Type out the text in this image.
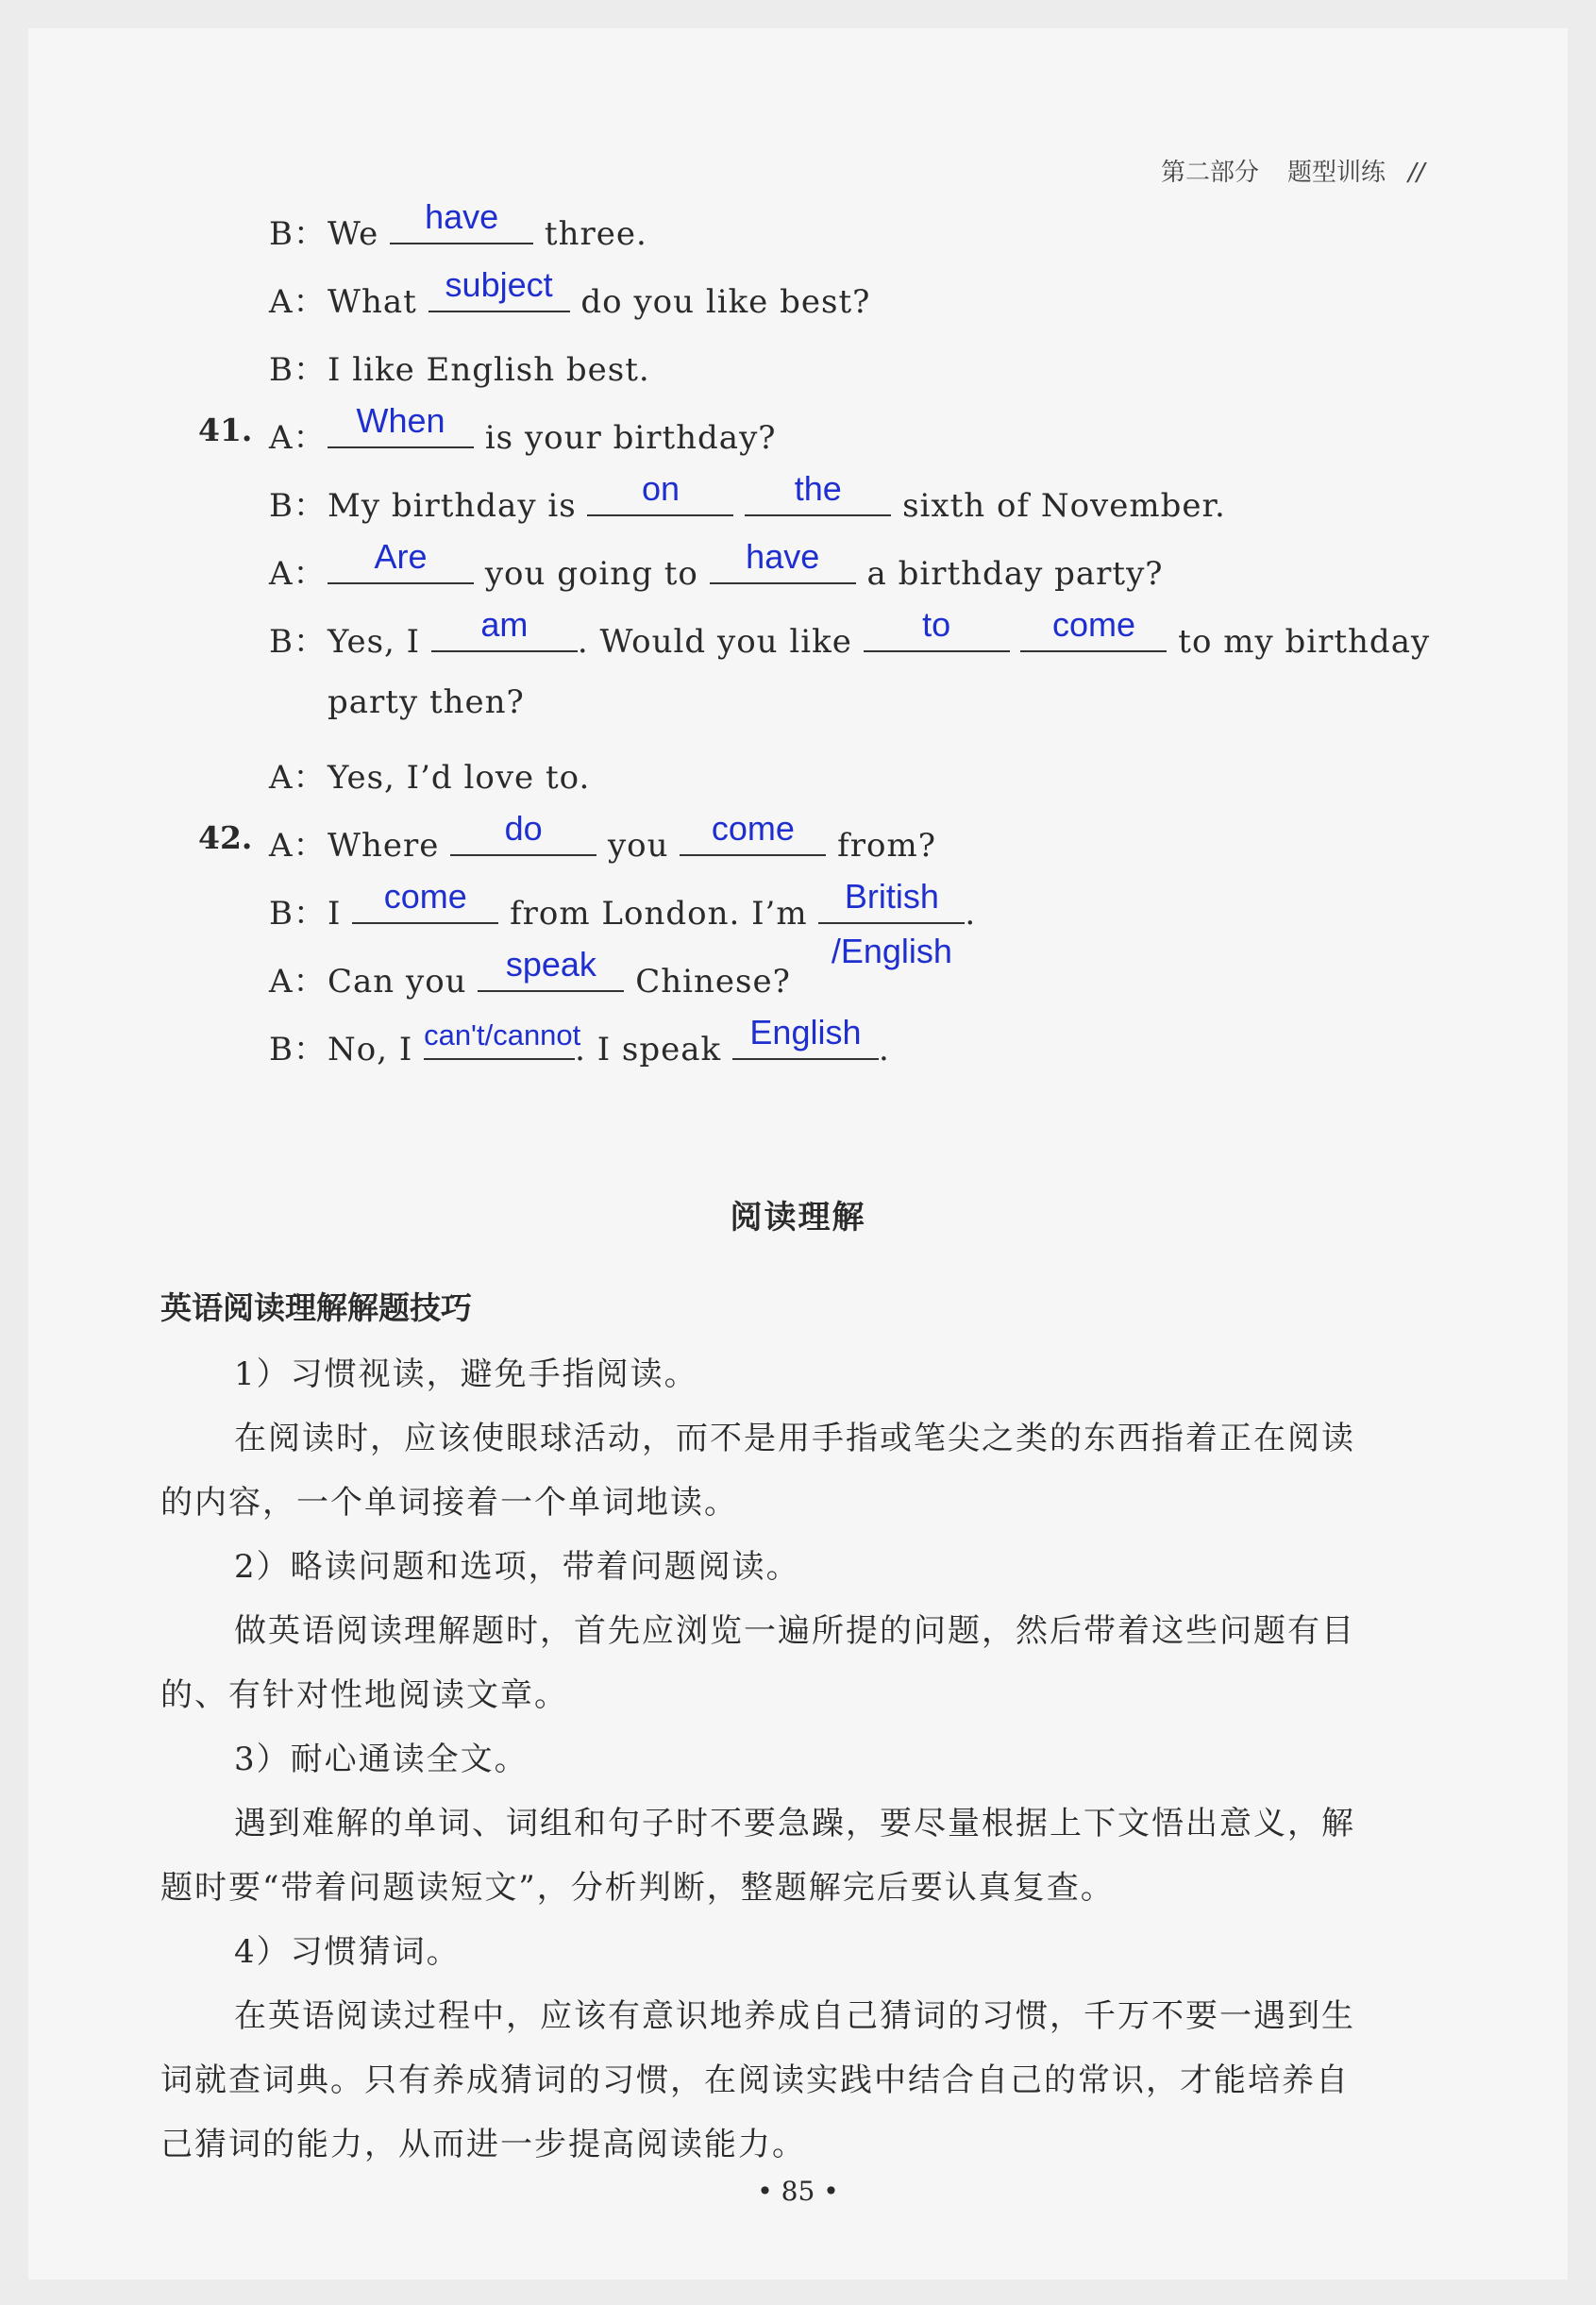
第二部分 题型训练 //
B：We	have	three.
A：What subject do you like best?
B：I like English best.
41. A： When	is your birthday?
B：My birthday is	on
	the	sixth of November.
A：	Are	you going to	have	a birthday party?
B：Yes, I	am	. Would you like	to
	come	to my birthday
party then?
A：Yes, I’d love to.
42. A：Where	do	you	come	from?
B：I	come	from London. I’m	British
/English
.
A：Can you	speak	Chinese?
B：No, I can't/cannot
. I speak English .
阅读理解
英语阅读理解解题技巧
1）习惯视读，避免手指阅读。
在阅读时，应该使眼球活动，而不是用手指或笔尖之类的东西指着正在阅读
的内容，一个单词接着一个单词地读。
2）略读问题和选项，带着问题阅读。
做英语阅读理解题时，首先应浏览一遍所提的问题，然后带着这些问题有目
的、有针对性地阅读文章。
3）耐心通读全文。
遇到难解的单词、词组和句子时不要急躁，要尽量根据上下文悟出意义，解
题时要“带着问题读短文”，分析判断，整题解完后要认真复查。
4）习惯猜词。
在英语阅读过程中，应该有意识地养成自己猜词的习惯，千万不要一遇到生
词就查词典。只有养成猜词的习惯，在阅读实践中结合自己的常识，才能培养自
己猜词的能力，从而进一步提高阅读能力。
• 85 •
